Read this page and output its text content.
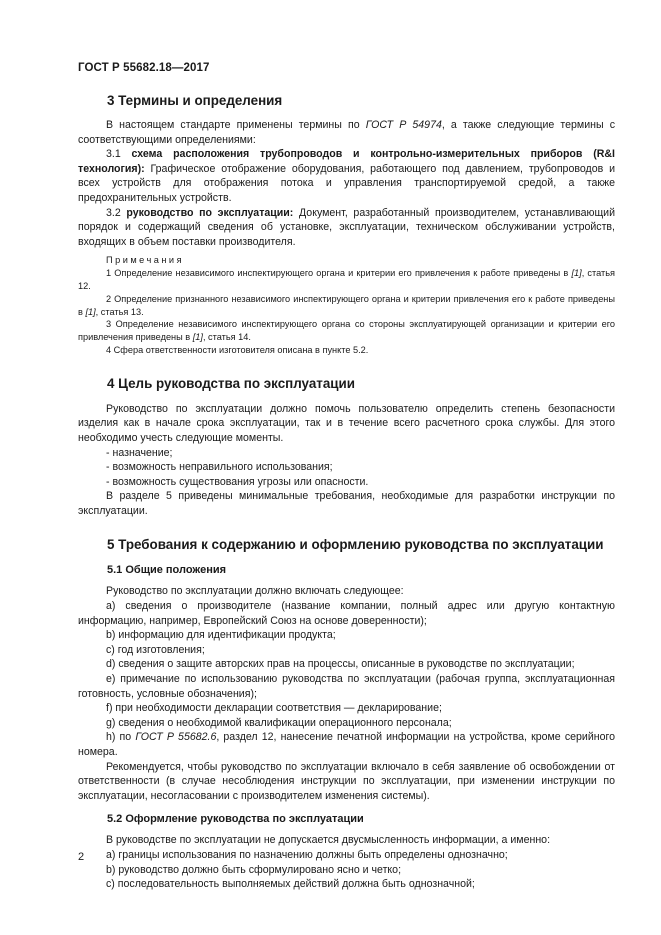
ГОСТ Р 55682.18—2017
3 Термины и определения

В настоящем стандарте применены термины по ГОСТ Р 54974, а также следующие термины с соответствующими определениями:

3.1 схема расположения трубопроводов и контрольно-измерительных приборов (R&I технология): Графическое отображение оборудования, работающего под давлением, трубопроводов и всех устройств для отображения потока и управления транспортируемой средой, а также предохранительных устройств.

3.2 руководство по эксплуатации: Документ, разработанный производителем, устанавливающий порядок и содержащий сведения об установке, эксплуатации, техническом обслуживании устройств, входящих в объем поставки производителя.

Примечания

1 Определение независимого инспектирующего органа и критерии его привлечения к работе приведены в [1], статья 12.

2 Определение признанного независимого инспектирующего органа и критерии привлечения его к работе приведены в [1], статья 13.

3 Определение независимого инспектирующего органа со стороны эксплуатирующей организации и критерии его привлечения приведены в [1], статья 14.

4 Сфера ответственности изготовителя описана в пункте 5.2.

4 Цель руководства по эксплуатации

Руководство по эксплуатации должно помочь пользователю определить степень безопасности изделия как в начале срока эксплуатации, так и в течение всего расчетного срока службы. Для этого необходимо учесть следующие моменты.

- назначение;

- возможность неправильного использования;

- возможность существования угрозы или опасности.

В разделе 5 приведены минимальные требования, необходимые для разработки инструкции по эксплуатации.

5 Требования к содержанию и оформлению руководства по эксплуатации
5.1 Общие положения

Руководство по эксплуатации должно включать следующее:

а) сведения о производителе (название компании, полный адрес или другую контактную информацию, например, Европейский Союз на основе доверенности);

b) информацию для идентификации продукта;

c) год изготовления;

d) сведения о защите авторских прав на процессы, описанные в руководстве по эксплуатации;

e) примечание по использованию руководства по эксплуатации (рабочая группа, эксплуатационная готовность, условные обозначения);

f) при необходимости декларации соответствия — декларирование;

g) сведения о необходимой квалификации операционного персонала;

h) по ГОСТ Р 55682.6, раздел 12, нанесение печатной информации на устройства, кроме серийного номера.

Рекомендуется, чтобы руководство по эксплуатации включало в себя заявление об освобождении от ответственности (в случае несоблюдения инструкции по эксплуатации, при изменении инструкции по эксплуатации, несогласовании с производителем изменения системы).

5.2 Оформление руководства по эксплуатации

В руководстве по эксплуатации не допускается двусмысленность информации, а именно:

а) границы использования по назначению должны быть определены однозначно;

b) руководство должно быть сформулировано ясно и четко;

c) последовательность выполняемых действий должна быть однозначной;

2
